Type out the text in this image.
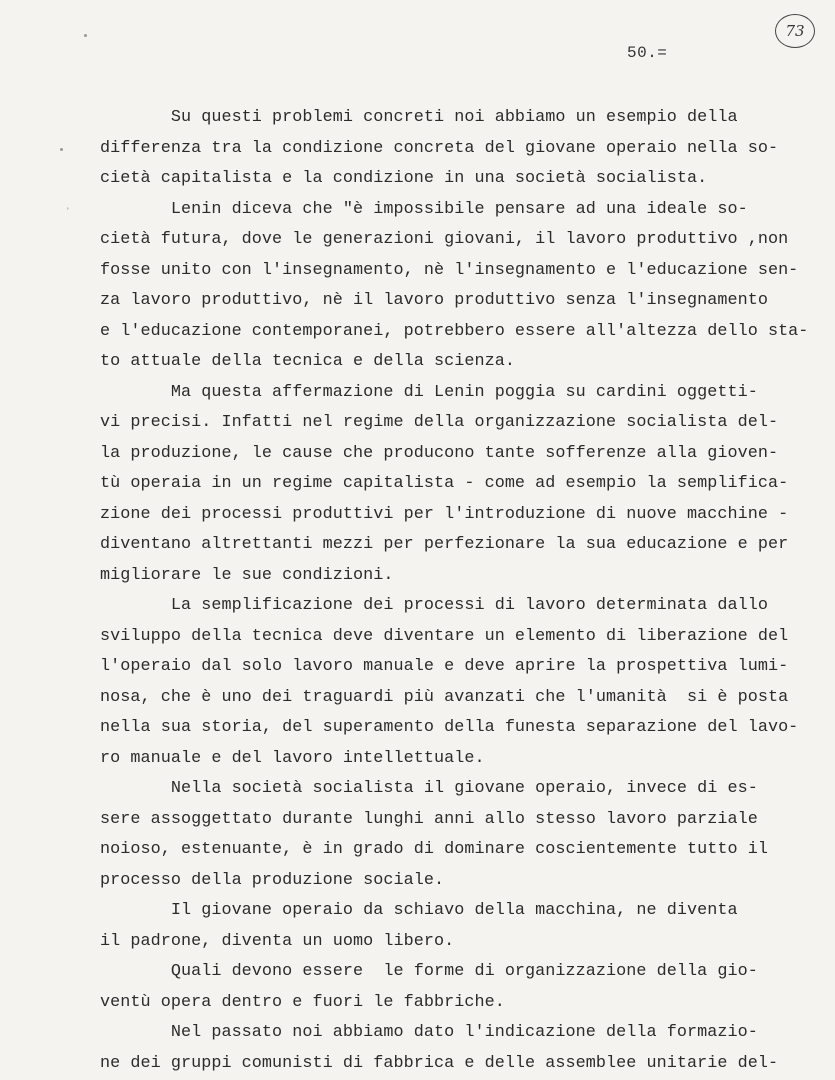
73
50.=
ʾ
Su questi problemi concreti noi abbiamo un esempio della
differenza tra la condizione concreta del giovane operaio nella so-
cietà capitalista e la condizione in una società socialista.
Lenin diceva che "è impossibile pensare ad una ideale so-
cietà futura, dove le generazioni giovani, il lavoro produttivo ,non
fosse unito con l'insegnamento, nè l'insegnamento e l'educazione sen-
za lavoro produttivo, nè il lavoro produttivo senza l'insegnamento
e l'educazione contemporanei, potrebbero essere all'altezza dello sta-
to attuale della tecnica e della scienza.
Ma questa affermazione di Lenin poggia su cardini oggetti-
vi precisi. Infatti nel regime della organizzazione socialista del-
la produzione, le cause che producono tante sofferenze alla gioven-
tù operaia in un regime capitalista - come ad esempio la semplifica-
zione dei processi produttivi per l'introduzione di nuove macchine -
diventano altrettanti mezzi per perfezionare la sua educazione e per
migliorare le sue condizioni.
La semplificazione dei processi di lavoro determinata dallo
sviluppo della tecnica deve diventare un elemento di liberazione del
l'operaio dal solo lavoro manuale e deve aprire la prospettiva lumi-
nosa, che è uno dei traguardi più avanzati che l'umanità  si è posta
nella sua storia, del superamento della funesta separazione del lavo-
ro manuale e del lavoro intellettuale.
Nella società socialista il giovane operaio, invece di es-
sere assoggettato durante lunghi anni allo stesso lavoro parziale
noioso, estenuante, è in grado di dominare coscientemente tutto il
processo della produzione sociale.
Il giovane operaio da schiavo della macchina, ne diventa
il padrone, diventa un uomo libero.
Quali devono essere  le forme di organizzazione della gio-
ventù opera dentro e fuori le fabbriche.
Nel passato noi abbiamo dato l'indicazione della formazio-
ne dei gruppi comunisti di fabbrica e delle assemblee unitarie del-
